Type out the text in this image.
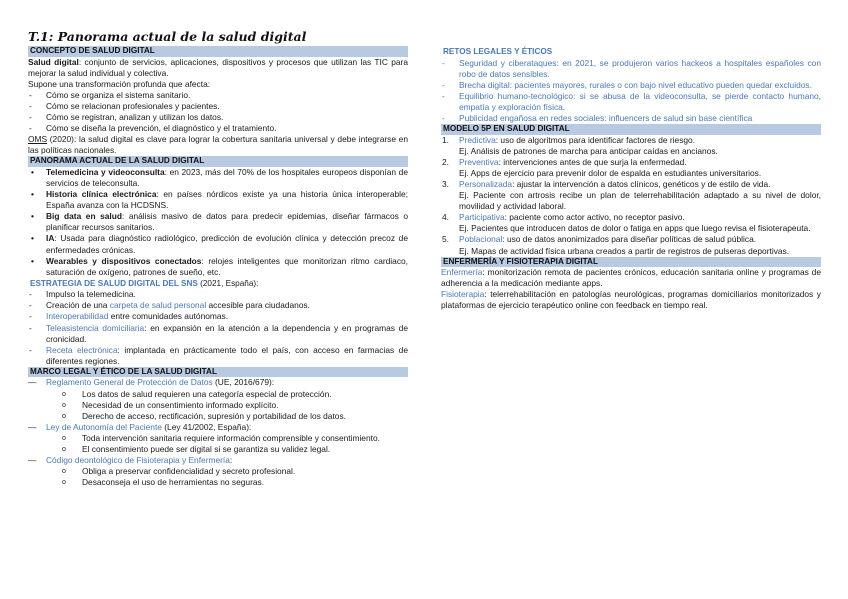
T.1: Panorama actual de la salud digital
CONCEPTO DE SALUD DIGITAL

Salud digital: conjunto de servicios, aplicaciones, dispositivos y procesos que utilizan las TIC para mejorar la salud individual y colectiva.

Supone una transformación profunda que afecta:

- Cómo se organiza el sistema sanitario.
- Cómo se relacionan profesionales y pacientes.
- Cómo se registran, analizan y utilizan los datos.
- Cómo se diseña la prevención, el diagnóstico y el tratamiento.

OMS (2020): la salud digital es clave para lograr la cobertura sanitaria universal y debe integrarse en las políticas nacionales.

PANORAMA ACTUAL DE LA SALUD DIGITAL
• Telemedicina y videoconsulta: en 2023, más del 70% de los hospitales europeos disponían de servicios de teleconsulta.
• Historia clínica electrónica: en países nórdicos existe ya una historia única interoperable; España avanza con la HCDSNS.
• Big data en salud: análisis masivo de datos para predecir epidemias, diseñar fármacos o planificar recursos sanitarios.
• IA: Usada para diagnóstico radiológico, predicción de evolución clínica y detección precoz de enfermedades crónicas.
• Wearables y dispositivos conectados: relojes inteligentes que monitorizan ritmo cardiaco, saturación de oxígeno, patrones de sueño, etc.
ESTRATEGIA DE SALUD DIGITAL DEL SNS (2021, España):
- Impulso la telemedicina.
- Creación de una carpeta de salud personal accesible para ciudadanos.
- Interoperabilidad entre comunidades autónomas.
- Teleasistencia domiciliaria: en expansión en la atención a la dependencia y en programas de cronicidad.
- Receta electrónica: implantada en prácticamente todo el país, con acceso en farmacias de diferentes regiones.
MARCO LEGAL Y ÉTICO DE LA SALUD DIGITAL
— Reglamento General de Protección de Datos (UE, 2016/679):
o Los datos de salud requieren una categoría especial de protección.
o Necesidad de un consentimiento informado explícito.
o Derecho de acceso, rectificación, supresión y portabilidad de los datos.
— Ley de Autonomía del Paciente (Ley 41/2002, España):
o Toda intervención sanitaria requiere información comprensible y consentimiento.
o El consentimiento puede ser digital si se garantiza su validez legal.
— Código deontológico de Fisioterapia y Enfermería:
o Obliga a preservar confidencialidad y secreto profesional.
o Desaconseja el uso de herramientas no seguras.
RETOS LEGALES Y ÉTICOS
- Seguridad y ciberataques: en 2021, se produjeron varios hackeos a hospitales españoles con robo de datos sensibles.
- Brecha digital: pacientes mayores, rurales o con bajo nivel educativo pueden quedar excluidos.
- Equilibrio humano-tecnológico: si se abusa de la videoconsulta, se pierde contacto humano, empatía y exploración física.
- Publicidad engañosa en redes sociales: influencers de salud sin base científica
MODELO 5P EN SALUD DIGITAL
1. Predictiva: uso de algoritmos para identificar factores de riesgo.
Ej. Análisis de patrones de marcha para anticipar caídas en ancianos.
2. Preventiva: intervenciones antes de que surja la enfermedad.
Ej. Apps de ejercicio para prevenir dolor de espalda en estudiantes universitarios.
3. Personalizada: ajustar la intervención a datos clínicos, genéticos y de estilo de vida.
Ej. Paciente con artrosis recibe un plan de telerrehabilitación adaptado a su nivel de dolor, movilidad y actividad laboral.
4. Participativa: paciente como actor activo, no receptor pasivo.
Ej. Pacientes que introducen datos de dolor o fatiga en apps que luego revisa el fisioterapeuta.
5. Poblacional: uso de datos anonimizados para diseñar políticas de salud pública.
Ej. Mapas de actividad física urbana creados a partir de registros de pulseras deportivas.
ENFERMERÍA Y FISIOTERAPIA DIGITAL

Enfermería: monitorización remota de pacientes crónicos, educación sanitaria online y programas de adherencia a la medicación mediante apps.

Fisioterapia: telerrehabilitación en patologías neurológicas, programas domiciliarios monitorizados y plataformas de ejercicio terapéutico online con feedback en tiempo real.
